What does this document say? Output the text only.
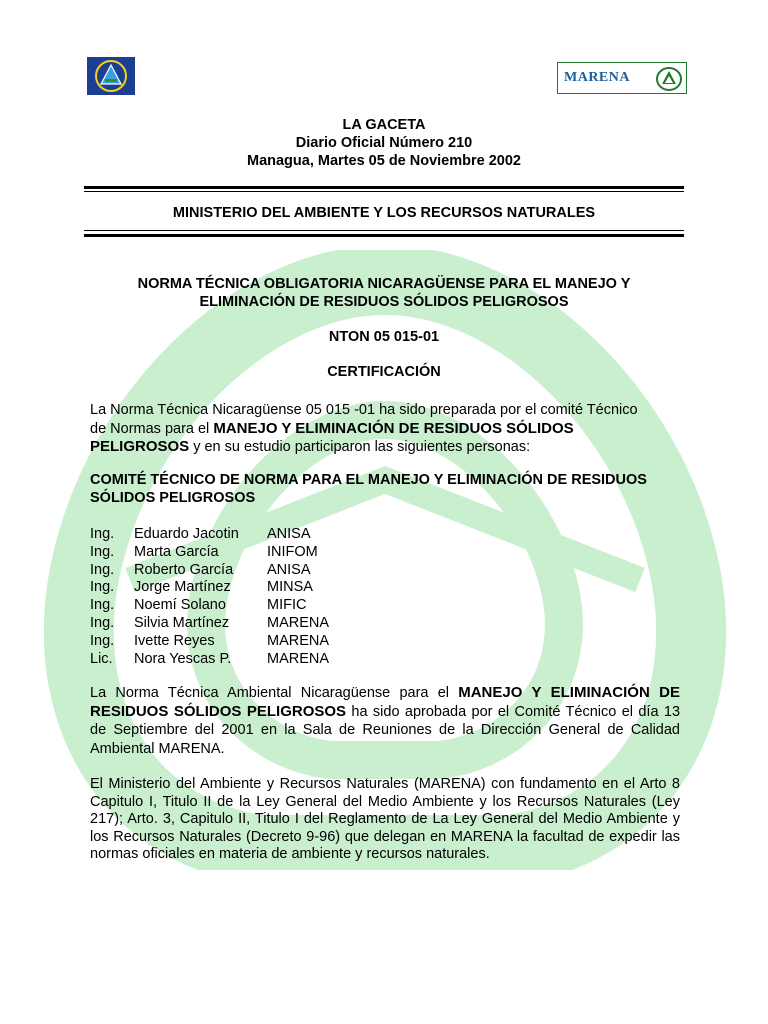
MARENA
LA GACETA
Diario Oficial Número 210
Managua, Martes 05 de Noviembre 2002
MINISTERIO DEL AMBIENTE Y LOS RECURSOS NATURALES
NORMA TÉCNICA OBLIGATORIA NICARAGÜENSE PARA EL MANEJO Y
ELIMINACIÓN DE RESIDUOS SÓLIDOS PELIGROSOS
NTON 05 015-01
CERTIFICACIÓN
La Norma Técnica Nicaragüense 05 015 -01 ha sido preparada por el comité Técnico
de Normas para el MANEJO Y ELIMINACIÓN DE RESIDUOS SÓLIDOS
PELIGROSOS y en su estudio participaron las siguientes personas:
COMITÉ TÉCNICO DE NORMA PARA EL MANEJO Y ELIMINACIÓN DE RESIDUOS
SÓLIDOS PELIGROSOS
Ing. Eduardo Jacotin ANISA
Ing. Marta García	INIFOM
Ing. Roberto García ANISA
Ing. Jorge Martínez	MINSA
Ing. Noemí Solano	MIFIC
Ing. Silvia Martínez	MARENA
Ing. Ivette Reyes	MARENA
Lic. Nora Yescas P. MARENA
La Norma Técnica Ambiental Nicaragüense para el MANEJO Y ELIMINACIÓN DE RESIDUOS SÓLIDOS PELIGROSOS ha sido aprobada por el Comité Técnico el día 13 de Septiembre del 2001 en la Sala de Reuniones de la Dirección General de Calidad Ambiental MARENA.
El Ministerio del Ambiente y Recursos Naturales (MARENA) con fundamento en el Arto 8 Capitulo I, Titulo II de la Ley General del Medio Ambiente y los Recursos Naturales (Ley 217); Arto. 3, Capitulo II, Titulo I del Reglamento de La Ley General del Medio Ambiente y los Recursos Naturales (Decreto 9-96) que delegan en MARENA la facultad de expedir las normas oficiales en materia de ambiente y recursos naturales.
